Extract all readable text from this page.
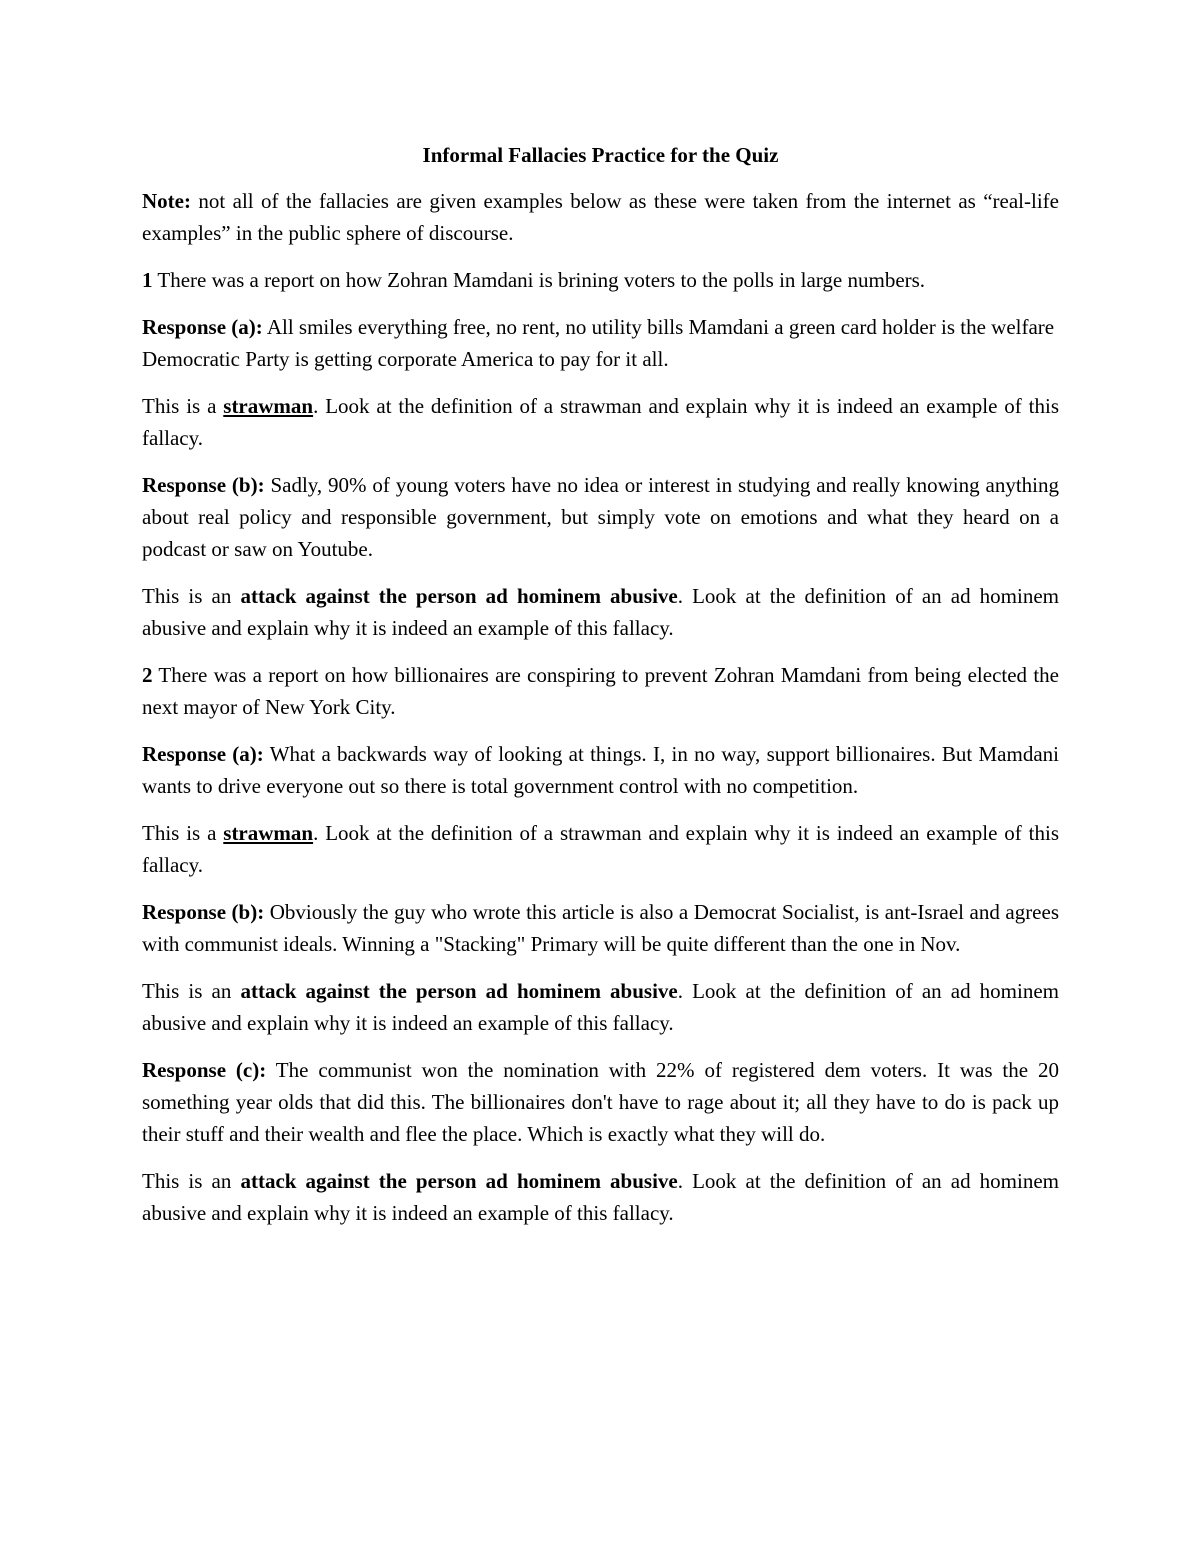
Informal Fallacies Practice for the Quiz

Note: not all of the fallacies are given examples below as these were taken from the internet as “real-life examples” in the public sphere of discourse.

1 There was a report on how Zohran Mamdani is brining voters to the polls in large numbers.

Response (a): All smiles everything free, no rent, no utility bills Mamdani a green card holder is the welfare Democratic Party is getting corporate America to pay for it all.

This is a strawman. Look at the definition of a strawman and explain why it is indeed an example of this fallacy.

Response (b): Sadly, 90% of young voters have no idea or interest in studying and really knowing anything about real policy and responsible government, but simply vote on emotions and what they heard on a podcast or saw on Youtube.

This is an attack against the person ad hominem abusive. Look at the definition of an ad hominem abusive and explain why it is indeed an example of this fallacy.

2 There was a report on how billionaires are conspiring to prevent Zohran Mamdani from being elected the next mayor of New York City.

Response (a): What a backwards way of looking at things. I, in no way, support billionaires. But Mamdani wants to drive everyone out so there is total government control with no competition.

This is a strawman. Look at the definition of a strawman and explain why it is indeed an example of this fallacy.

Response (b): Obviously the guy who wrote this article is also a Democrat Socialist, is ant-Israel and agrees with communist ideals. Winning a "Stacking" Primary will be quite different than the one in Nov.

This is an attack against the person ad hominem abusive. Look at the definition of an ad hominem abusive and explain why it is indeed an example of this fallacy.

Response (c): The communist won the nomination with 22% of registered dem voters. It was the 20 something year olds that did this. The billionaires don't have to rage about it; all they have to do is pack up their stuff and their wealth and flee the place. Which is exactly what they will do.

This is an attack against the person ad hominem abusive. Look at the definition of an ad hominem abusive and explain why it is indeed an example of this fallacy.
